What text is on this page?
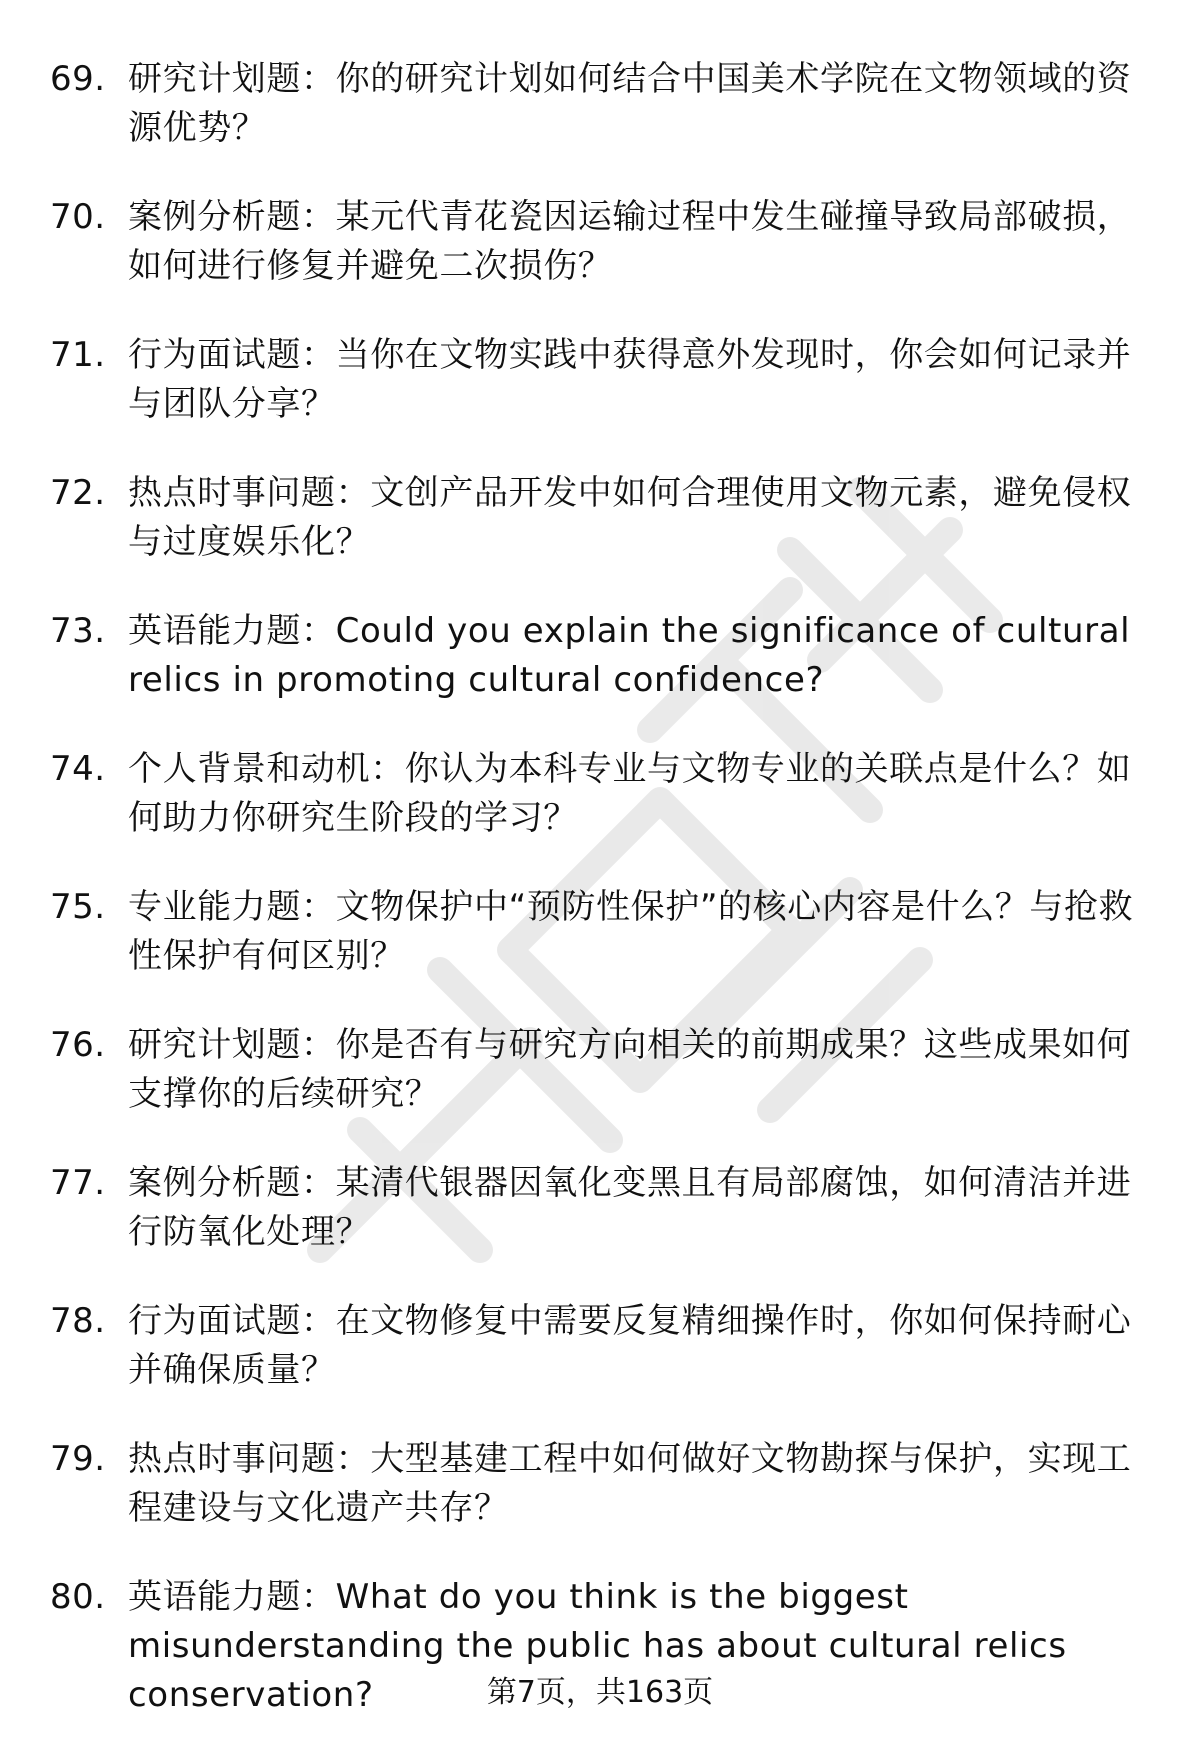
69. 研究计划题：你的研究计划如何结合中国美术学院在文物领域的资源优势？
70. 案例分析题：某元代青花瓷因运输过程中发生碰撞导致局部破损，如何进行修复并避免二次损伤？
71. 行为面试题：当你在文物实践中获得意外发现时，你会如何记录并与团队分享？
72. 热点时事问题：文创产品开发中如何合理使用文物元素，避免侵权与过度娱乐化？
73. 英语能力题：Could you explain the significance of cultural relics in promoting cultural confidence?
74. 个人背景和动机：你认为本科专业与文物专业的关联点是什么？如何助力你研究生阶段的学习？
75. 专业能力题：文物保护中“预防性保护”的核心内容是什么？与抢救性保护有何区别？
76. 研究计划题：你是否有与研究方向相关的前期成果？这些成果如何支撑你的后续研究？
77. 案例分析题：某清代银器因氧化变黑且有局部腐蚀，如何清洁并进行防氧化处理？
78. 行为面试题：在文物修复中需要反复精细操作时，你如何保持耐心并确保质量？
79. 热点时事问题：大型基建工程中如何做好文物勘探与保护，实现工程建设与文化遗产共存？
80. 英语能力题：What do you think is the biggest misunderstanding the public has about cultural relics conservation?	第7页，共163页
